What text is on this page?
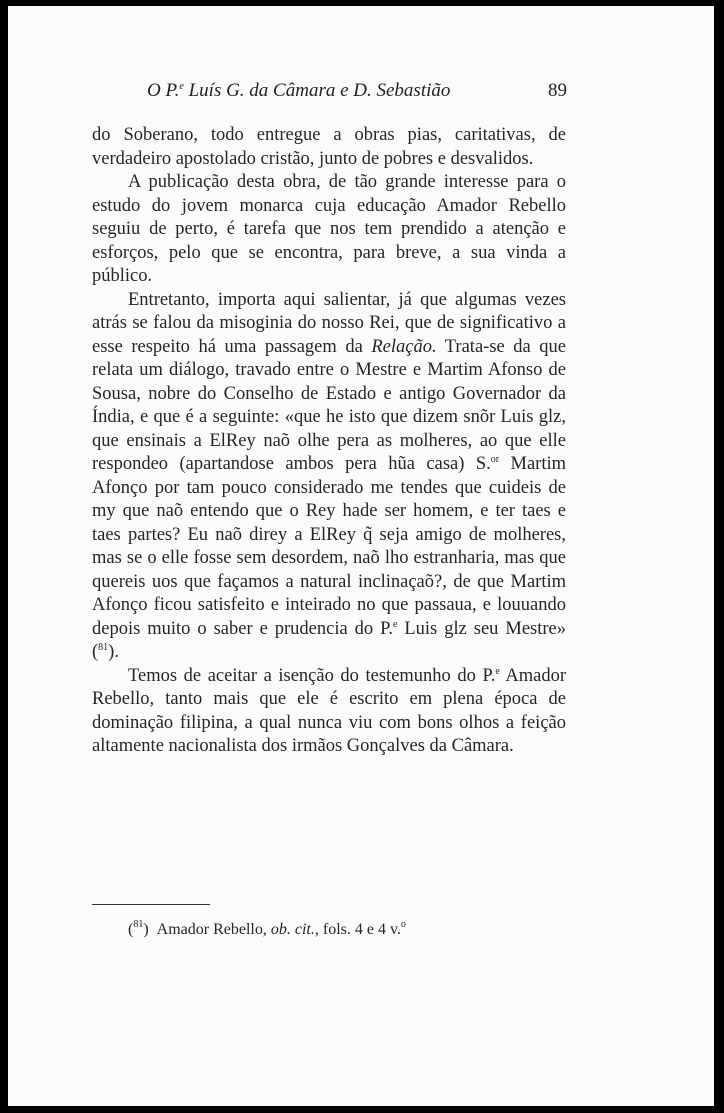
O P.$^e$ Luís G. da Câmara e D. Sebastião	89

do Soberano, todo entregue a obras pias, caritativas, de verdadeiro apostolado cristão, junto de pobres e desvalidos.

A publicação desta obra, de tão grande interesse para o estudo do jovem monarca cuja educação Amador Rebello seguiu de perto, é tarefa que nos tem prendido a atenção e esforços, pelo que se encontra, para breve, a sua vinda a público.

Entretanto, importa aqui salientar, já que algumas vezes atrás se falou da misoginia do nosso Rei, que de significativo a esse respeito há uma passagem da Relação. Trata-se da que relata um diálogo, travado entre o Mestre e Martim Afonso de Sousa, nobre do Conselho de Estado e antigo Governador da Índia, e que é a seguinte: «que he isto que dizem snõr Luis glz, que ensinais a ElRey naõ olhe pera as molheres, ao que elle respondeo (apartandose ambos pera hũa casa) S.$^{or}$ Martim Afonço por tam pouco considerado me tendes que cuideis de my que naõ entendo que o Rey hade ser homem, e ter taes e taes partes? Eu naõ direy a ElRey q̃ seja amigo de molheres, mas se o elle fosse sem desordem, naõ lho estranharia, mas que quereis uos que façamos a natural inclinaçaõ?, de que Martim Afonço ficou satisfeito e inteirado no que passaua, e louuando depois muito o saber e prudencia do P.$^e$ Luis glz seu Mestre» ($^{81}$).

Temos de aceitar a isenção do testemunho do P.$^e$ Amador Rebello, tanto mais que ele é escrito em plena época de dominação filipina, a qual nunca viu com bons olhos a feição altamente nacionalista dos irmãos Gonçalves da Câmara.

($^{81}$) Amador Rebello, ob. cit., fols. 4 e 4 v.$^o$
